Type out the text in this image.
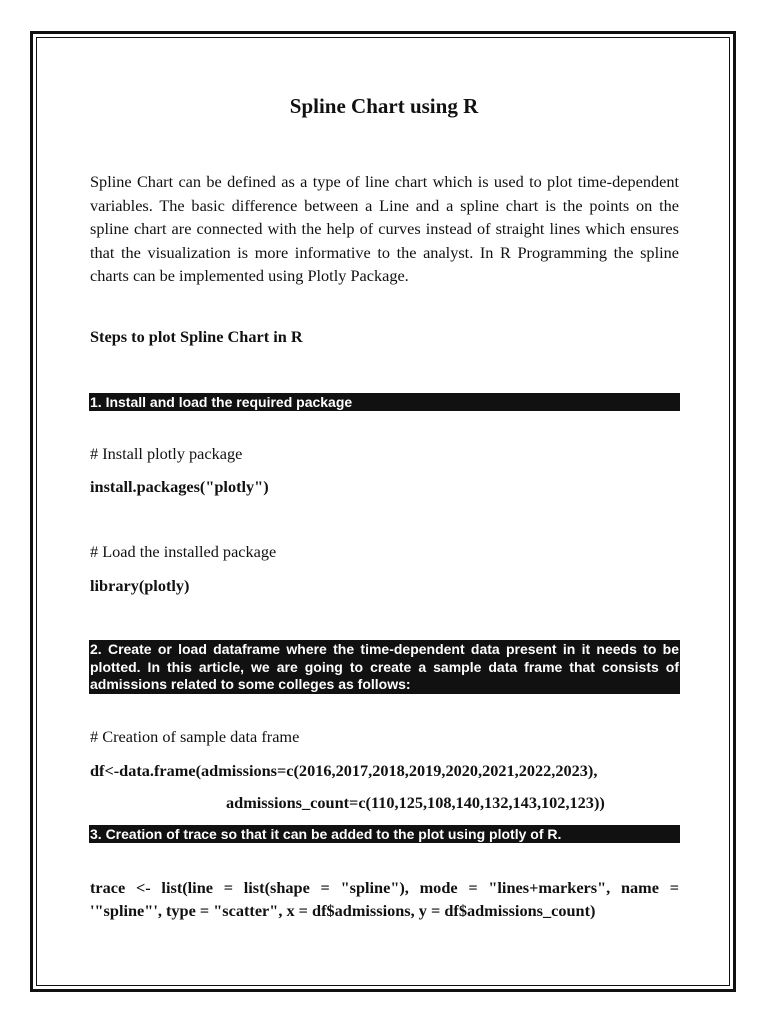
Spline Chart using R

Spline Chart can be defined as a type of line chart which is used to plot time-dependent variables. The basic difference between a Line and a spline chart is the points on the spline chart are connected with the help of curves instead of straight lines which ensures that the visualization is more informative to the analyst. In R Programming the spline charts can be implemented using Plotly Package.

Steps to plot Spline Chart in R
1. Install and load the required package
# Install plotly package
install.packages("plotly")
# Load the installed package
library(plotly)
2. Create or load dataframe where the time-dependent data present in it needs to be plotted. In this article, we are going to create a sample data frame that consists of admissions related to some colleges as follows:
# Creation of sample data frame
df<-data.frame(admissions=c(2016,2017,2018,2019,2020,2021,2022,2023),
admissions_count=c(110,125,108,140,132,143,102,123))
3. Creation of trace so that it can be added to the plot using plotly of R.

trace <- list(line = list(shape = "spline"), mode = "lines+markers", name = '"spline"', type = "scatter", x = df$admissions, y = df$admissions_count)
